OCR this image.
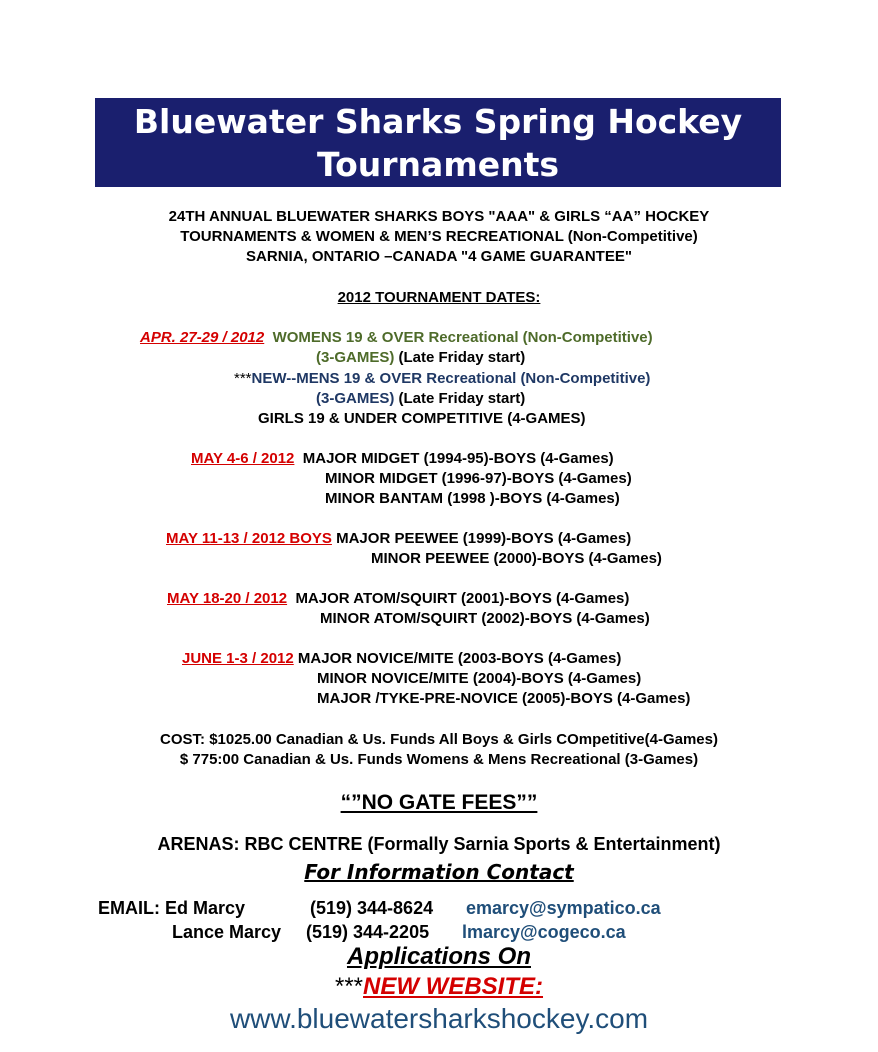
Bluewater Sharks Spring Hockey
Tournaments
24TH ANNUAL BLUEWATER SHARKS BOYS "AAA" & GIRLS “AA” HOCKEY
TOURNAMENTS & WOMEN & MEN’S RECREATIONAL (Non-Competitive)
SARNIA, ONTARIO –CANADA "4 GAME GUARANTEE"
2012 TOURNAMENT DATES:
APR. 27-29 / 2012 WOMENS 19 & OVER Recreational (Non-Competitive)
(3-GAMES) (Late Friday start)
***NEW--MENS 19 & OVER Recreational (Non-Competitive)
(3-GAMES) (Late Friday start)
GIRLS 19 & UNDER COMPETITIVE (4-GAMES)
MAY 4-6 / 2012 MAJOR MIDGET (1994-95)-BOYS (4-Games)
MINOR MIDGET (1996-97)-BOYS (4-Games)
MINOR BANTAM (1998 )-BOYS (4-Games)
MAY 11-13 / 2012 BOYS MAJOR PEEWEE (1999)-BOYS (4-Games)
MINOR PEEWEE (2000)-BOYS (4-Games)
MAY 18-20 / 2012 MAJOR ATOM/SQUIRT (2001)-BOYS (4-Games)
MINOR ATOM/SQUIRT (2002)-BOYS (4-Games)
JUNE 1-3 / 2012 MAJOR NOVICE/MITE (2003-BOYS (4-Games)
MINOR NOVICE/MITE (2004)-BOYS (4-Games)
MAJOR /TYKE-PRE-NOVICE (2005)-BOYS (4-Games)
COST: $1025.00 Canadian & Us. Funds All Boys & Girls COmpetitive(4-Games)
$ 775:00 Canadian & Us. Funds Womens & Mens Recreational (3-Games)
“”NO GATE FEES””
ARENAS: RBC CENTRE (Formally Sarnia Sports & Entertainment)
For Information Contact
EMAIL: Ed Marcy	(519) 344-8624 emarcy@sympatico.ca
Lance Marcy (519) 344-2205 lmarcy@cogeco.ca
Applications On
***NEW WEBSITE:
www.bluewatersharkshockey.com
